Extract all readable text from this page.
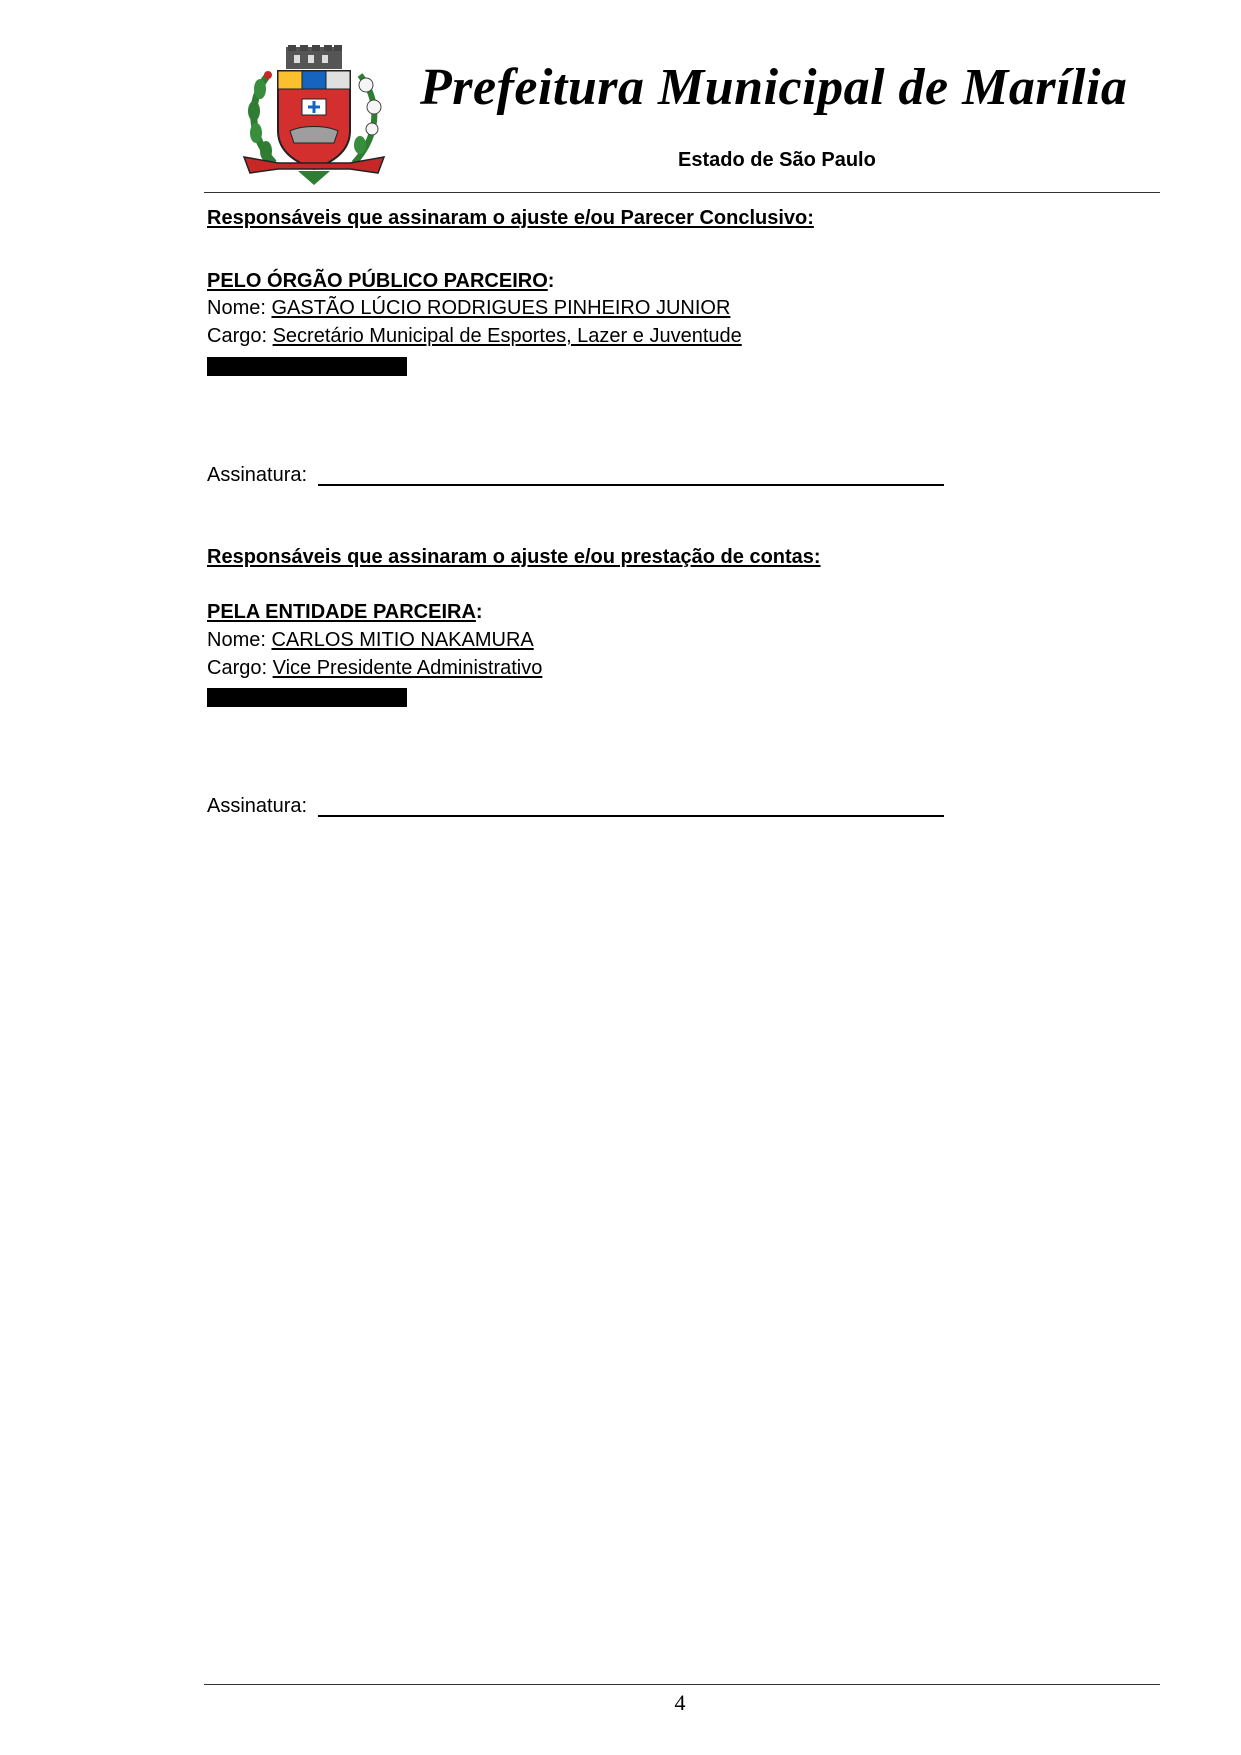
Prefeitura Municipal de Marília
Estado de São Paulo
Responsáveis que assinaram o ajuste e/ou Parecer Conclusivo:
PELO ÓRGÃO PÚBLICO PARCEIRO:
Nome: GASTÃO LÚCIO RODRIGUES PINHEIRO JUNIOR
Cargo: Secretário Municipal de Esportes, Lazer e Juventude
Assinatura:
Responsáveis que assinaram o ajuste e/ou prestação de contas:
PELA ENTIDADE PARCEIRA:
Nome: CARLOS MITIO NAKAMURA
Cargo: Vice Presidente Administrativo
Assinatura:
4
